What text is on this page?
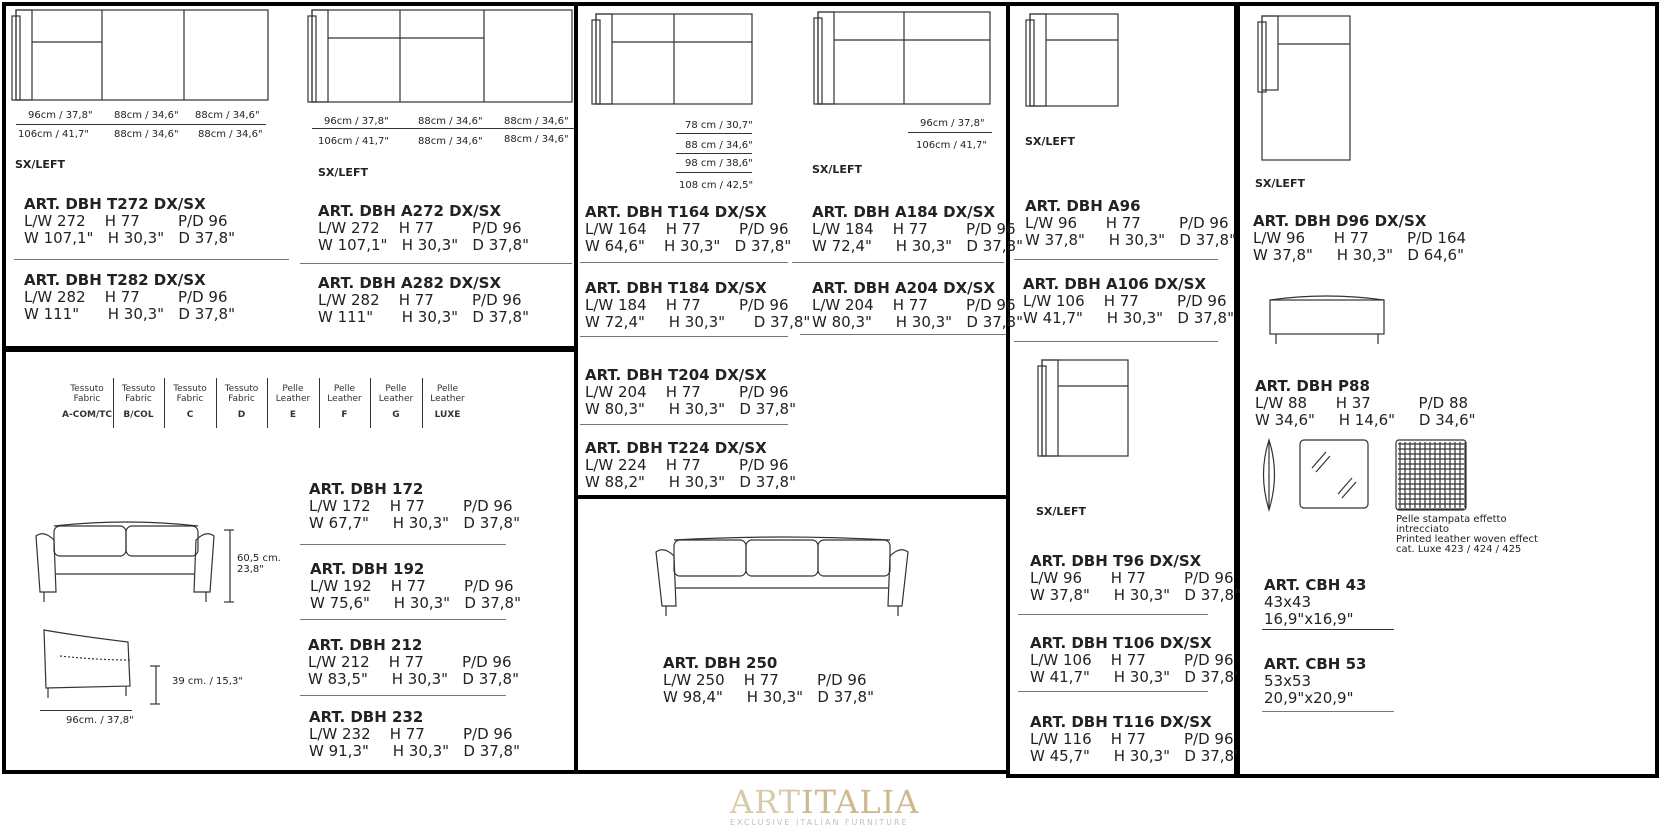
96cm / 37,8" 88cm / 34,6" 88cm / 34,6"
106cm / 41,7"	88cm / 34,6" 88cm / 34,6"
SX/LEFT
ART. DBH T272 DX/SX
L/W 272    H 77        P/D 96
W 107,1"   H 30,3"   D 37,8"
ART. DBH T282 DX/SX
L/W 282    H 77        P/D 96
W 111"      H 30,3"   D 37,8"
96cm / 37,8"	88cm / 34,6" 88cm / 34,6"
106cm / 41,7"	88cm / 34,6" 88cm / 34,6"
SX/LEFT
ART. DBH A272 DX/SX
L/W 272    H 77        P/D 96
W 107,1"   H 30,3"   D 37,8"
ART. DBH A282 DX/SX
L/W 282    H 77        P/D 96
W 111"      H 30,3"   D 37,8"
78 cm / 30,7"
88 cm / 34,6"
98 cm / 38,6"
108 cm / 42,5"
ART. DBH T164 DX/SX
L/W 164    H 77        P/D 96
W 64,6"    H 30,3"   D 37,8"
ART. DBH T184 DX/SX
L/W 184    H 77        P/D 96
W 72,4"     H 30,3"      D 37,8"
ART. DBH T204 DX/SX
L/W 204    H 77        P/D 96
W 80,3"     H 30,3"   D 37,8"
ART. DBH T224 DX/SX
L/W 224    H 77        P/D 96
W 88,2"     H 30,3"   D 37,8"
96cm / 37,8"
106cm / 41,7"
SX/LEFT
ART. DBH A184 DX/SX
L/W 184    H 77        P/D 96
W 72,4"     H 30,3"   D 37,8"
ART. DBH A204 DX/SX
L/W 204    H 77        P/D 96
W 80,3"     H 30,3"   D 37,8"
SX/LEFT
ART. DBH A96
L/W 96      H 77        P/D 96
W 37,8"     H 30,3"   D 37,8"
ART. DBH A106 DX/SX
L/W 106    H 77        P/D 96
W 41,7"     H 30,3"   D 37,8"
SX/LEFT
ART. DBH T96 DX/SX
L/W 96      H 77        P/D 96
W 37,8"     H 30,3"   D 37,8"
ART. DBH T106 DX/SX
L/W 106    H 77        P/D 96
W 41,7"     H 30,3"   D 37,8'
ART. DBH T116 DX/SX
L/W 116    H 77        P/D 96
W 45,7"     H 30,3"   D 37,8'
SX/LEFT
ART. DBH D96 DX/SX
L/W 96      H 77        P/D 164
W 37,8"     H 30,3"   D 64,6"
ART. DBH P88
L/W 88      H 37          P/D 88
W 34,6"     H 14,6"     D 34,6"
Pelle stampata effetto
intrecciato
Printed leather woven effect
cat. Luxe 423 / 424 / 425
ART. CBH 43
43x43
16,9"x16,9"
ART. CBH 53
53x53
20,9"x20,9"
Tessuto
Fabric
A-COM/TC
Tessuto
Fabric
B/COL
Tessuto
Fabric
C
Tessuto
Fabric
D
Pelle
Leather
E
Pelle
Leather
F
Pelle
Leather
G
Pelle
Leather
LUXE
60,5 cm.
23,8"
39 cm. / 15,3"
96cm. / 37,8"
ART. DBH 172
L/W 172    H 77        P/D 96
W 67,7"     H 30,3"   D 37,8"
ART. DBH 192
L/W 192    H 77        P/D 96
W 75,6"     H 30,3"   D 37,8"
ART. DBH 212
L/W 212    H 77        P/D 96
W 83,5"     H 30,3"   D 37,8"
ART. DBH 232
L/W 232    H 77        P/D 96
W 91,3"     H 30,3"   D 37,8"
ART. DBH 250
L/W 250    H 77        P/D 96
W 98,4"     H 30,3"   D 37,8"
ARTITALIA
EXCLUSIVE ITALIAN FURNITURE
